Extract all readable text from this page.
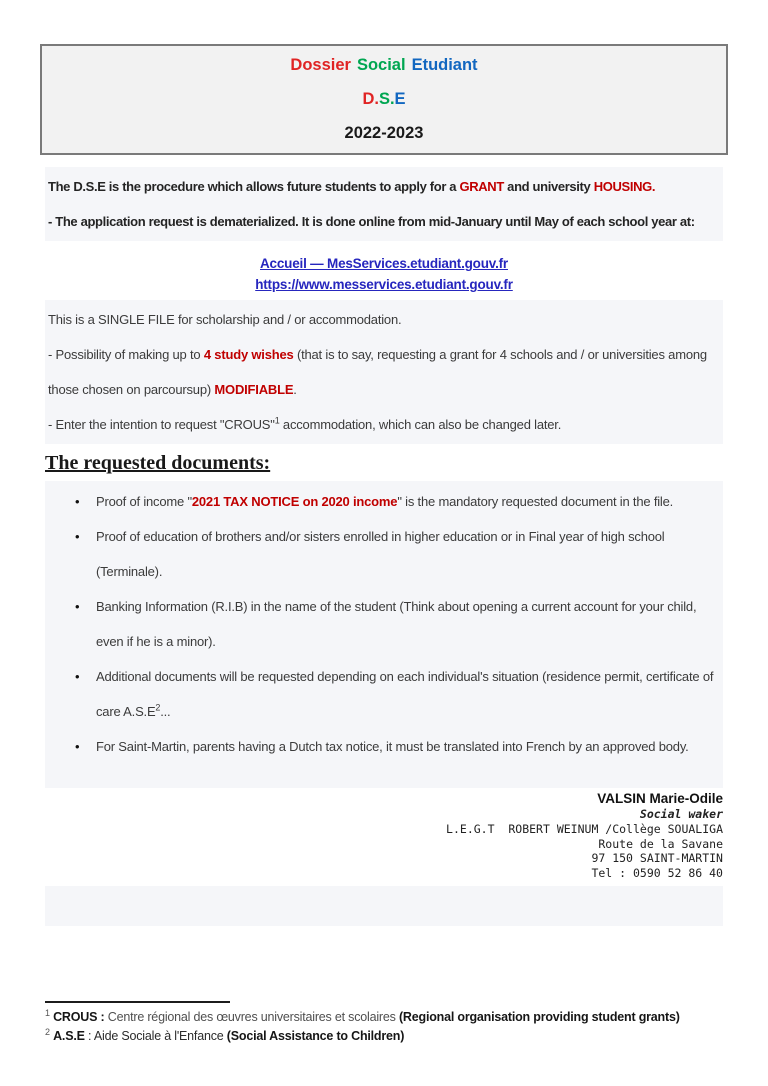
Dossier Social Etudiant
D.S.E
2022-2023

The D.S.E is the procedure which allows future students to apply for a GRANT and university HOUSING.

- The application request is dematerialized. It is done online from mid-January until May of each school year at:

Accueil — MesServices.etudiant.gouv.fr
https://www.messervices.etudiant.gouv.fr

This is a SINGLE FILE for scholarship and / or accommodation.

- Possibility of making up to 4 study wishes (that is to say, requesting a grant for 4 schools and / or universities among those chosen on parcoursup) MODIFIABLE.

- Enter the intention to request "CROUS"$^1$ accommodation, which can also be changed later.

The requested documents:
• Proof of income "2021 TAX NOTICE on 2020 income" is the mandatory requested document in the file.
• Proof of education of brothers and/or sisters enrolled in higher education or in Final year of high school (Terminale).
• Banking Information (R.I.B) in the name of the student (Think about opening a current account for your child, even if he is a minor).
• Additional documents will be requested depending on each individual's situation (residence permit, certificate of care $A.S.E^2$...
• For Saint-Martin, parents having a Dutch tax notice, it must be translated into French by an approved body.
VALSIN Marie-Odile
Social waker
L.E.G.T  ROBERT WEINUM /Collège SOUALIGA
Route de la Savane
97 150 SAINT-MARTIN
Tel : 0590 52 86 40
$^1$ CROUS : Centre régional des œuvres universitaires et scolaires (Regional organisation providing student grants)
$^2$ A.S.E : Aide Sociale à l'Enfance (Social Assistance to Children)
